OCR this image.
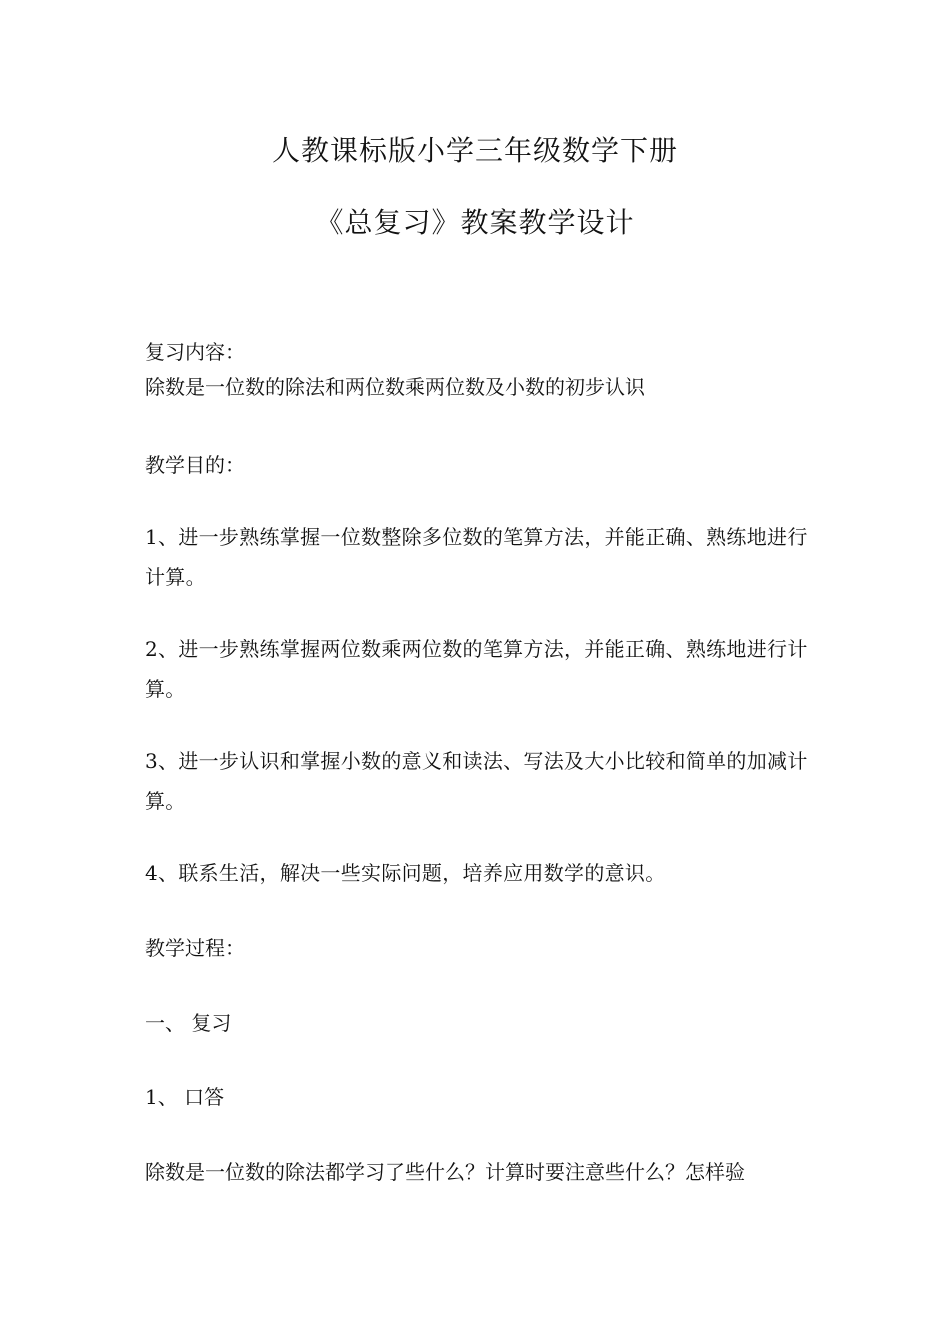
人教课标版小学三年级数学下册
《总复习》教案教学设计
复习内容：
除数是一位数的除法和两位数乘两位数及小数的初步认识
教学目的：
1、进一步熟练掌握一位数整除多位数的笔算方法，并能正确、熟练地进行计算。
2、进一步熟练掌握两位数乘两位数的笔算方法，并能正确、熟练地进行计算。
3、进一步认识和掌握小数的意义和读法、写法及大小比较和简单的加减计算。
4、联系生活，解决一些实际问题，培养应用数学的意识。
教学过程：
一、 复习
1、 口答
除数是一位数的除法都学习了些什么？计算时要注意些什么？怎样验
